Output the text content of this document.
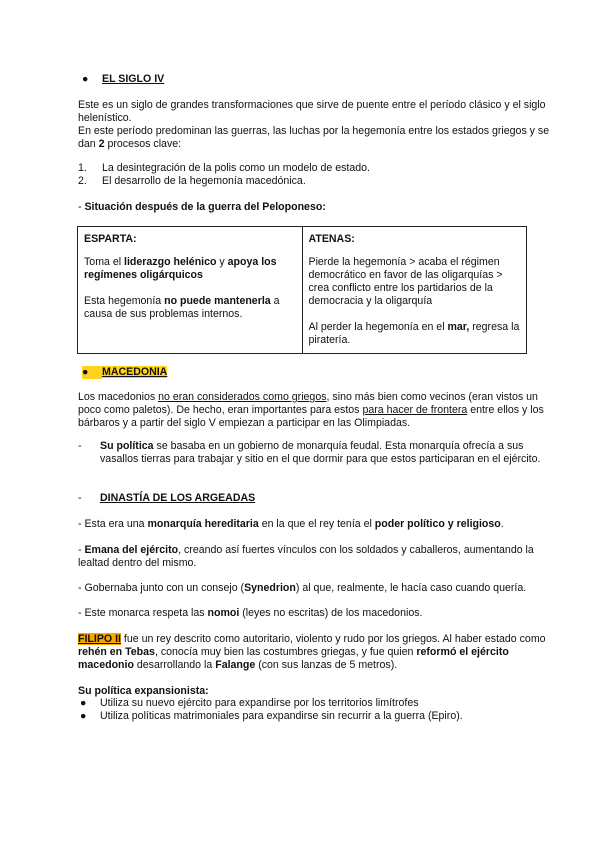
● EL SIGLO IV
Este es un siglo de grandes transformaciones que sirve de puente entre el período clásico y el siglo helenístico.
En este período predominan las guerras, las luchas por la hegemonía entre los estados griegos y se dan 2 procesos clave:
1. La desintegración de la polis como un modelo de estado.
2. El desarrollo de la hegemonía macedónica.
- Situación después de la guerra del Peloponeso:
ESPARTA:
Toma el liderazgo helénico y apoya los regímenes oligárquicos
Esta hegemonía no puede mantenerla a causa de sus problemas internos.

ATENAS:
Pierde la hegemonía > acaba el régimen democrático en favor de las oligarquías > crea conflicto entre los partidarios de la democracia y la oligarquía
Al perder la hegemonía en el mar, regresa la piratería.
● MACEDONIA
Los macedonios no eran considerados como griegos, sino más bien como vecinos (eran vistos un poco como paletos). De hecho, eran importantes para estos para hacer de frontera entre ellos y los bárbaros y a partir del siglo V empiezan a participar en las Olimpiadas.
-	Su política se basaba en un gobierno de monarquía feudal. Esta monarquía ofrecía a sus vasallos tierras para trabajar y sitio en el que dormir para que estos participaran en el ejército.
- DINASTÍA DE LOS ARGEADAS
- Esta era una monarquía hereditaria en la que el rey tenía el poder político y religioso.
- Emana del ejército, creando así fuertes vínculos con los soldados y caballeros, aumentando la lealtad dentro del mismo.
- Gobernaba junto con un consejo (Synedrion) al que, realmente, le hacía caso cuando quería.
- Este monarca respeta las nomoi (leyes no escritas) de los macedonios.
FILIPO II fue un rey descrito como autoritario, violento y rudo por los griegos. Al haber estado como rehén en Tebas, conocía muy bien las costumbres griegas, y fue quien reformó el ejército macedonio desarrollando la Falange (con sus lanzas de 5 metros).
Su política expansionista:
● Utiliza su nuevo ejército para expandirse por los territorios limítrofes
● Utiliza políticas matrimoniales para expandirse sin recurrir a la guerra (Epiro).
